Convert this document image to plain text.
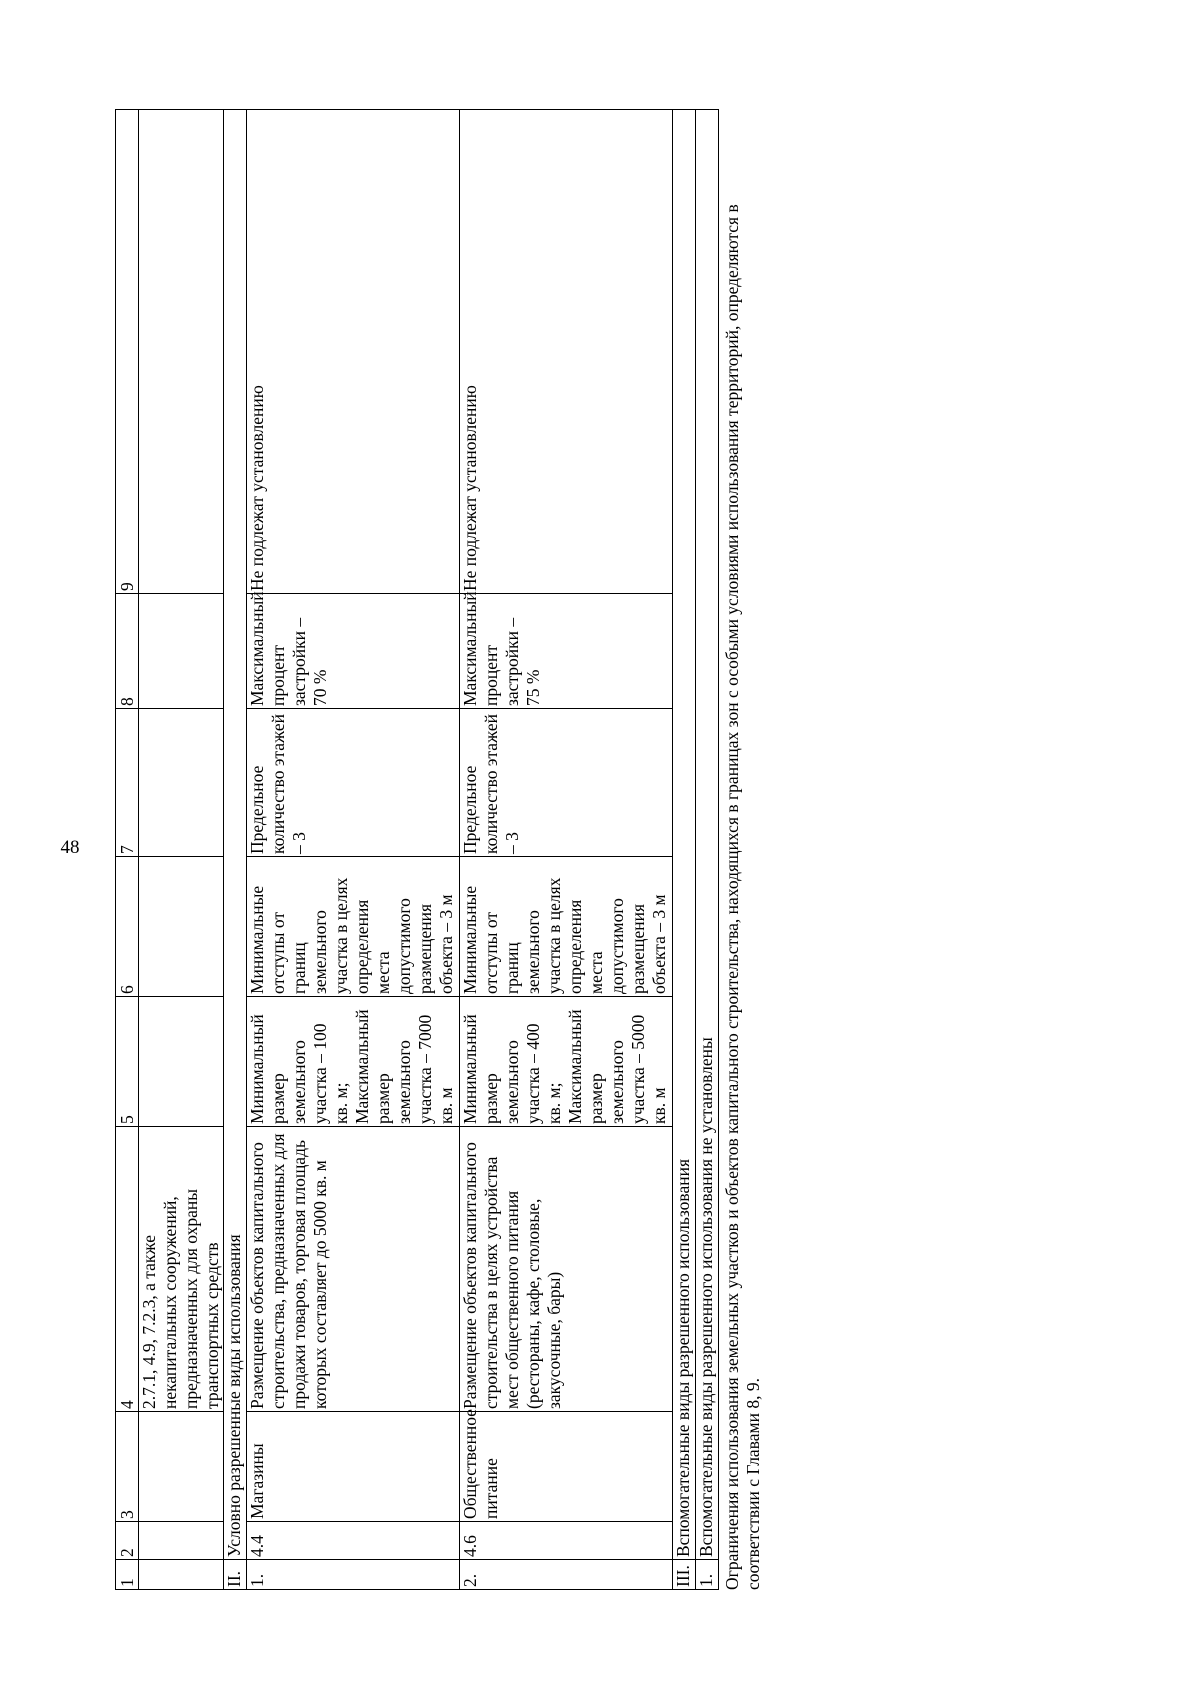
48
1	2	3	4	5	6	7	8	9
			2.7.1, 4.9, 7.2.3, а также некапитальных сооружений, предназначенных для охраны транспортных средств					
II.	Условно разрешенные виды использования							
1.	4.4	Магазины	Размещение объектов капитального строительства, предназначенных для продажи товаров, торговая площадь которых составляет до 5000 кв. м	Минимальный размер земельного участка – 100 кв. м; Максимальный размер земельного участка – 7000 кв. м	Минимальные отступы от границ земельного участка в целях определения места допустимого размещения объекта – 3 м	Предельное количество этажей – 3	Максимальный процент застройки – 70 %	Не подлежат установлению
2.	4.6	Общественное питание	Размещение объектов капитального строительства в целях устройства мест общественного питания (рестораны, кафе, столовые, закусочные, бары)	Минимальный размер земельного участка – 400 кв. м; Максимальный размер земельного участка – 5000 кв. м	Минимальные отступы от границ земельного участка в целях определения места допустимого размещения объекта – 3 м	Предельное количество этажей – 3	Максимальный процент застройки – 75 %	Не подлежат установлению
III.	Вспомогательные виды разрешенного использования							
1.	Вспомогательные виды разрешенного использования не установлены							Ограничения использования земельных участков и объектов капитального строительства, находящихся в границах зон с особыми условиями использования территорий, определяются в соответствии с Главами 8, 9.
